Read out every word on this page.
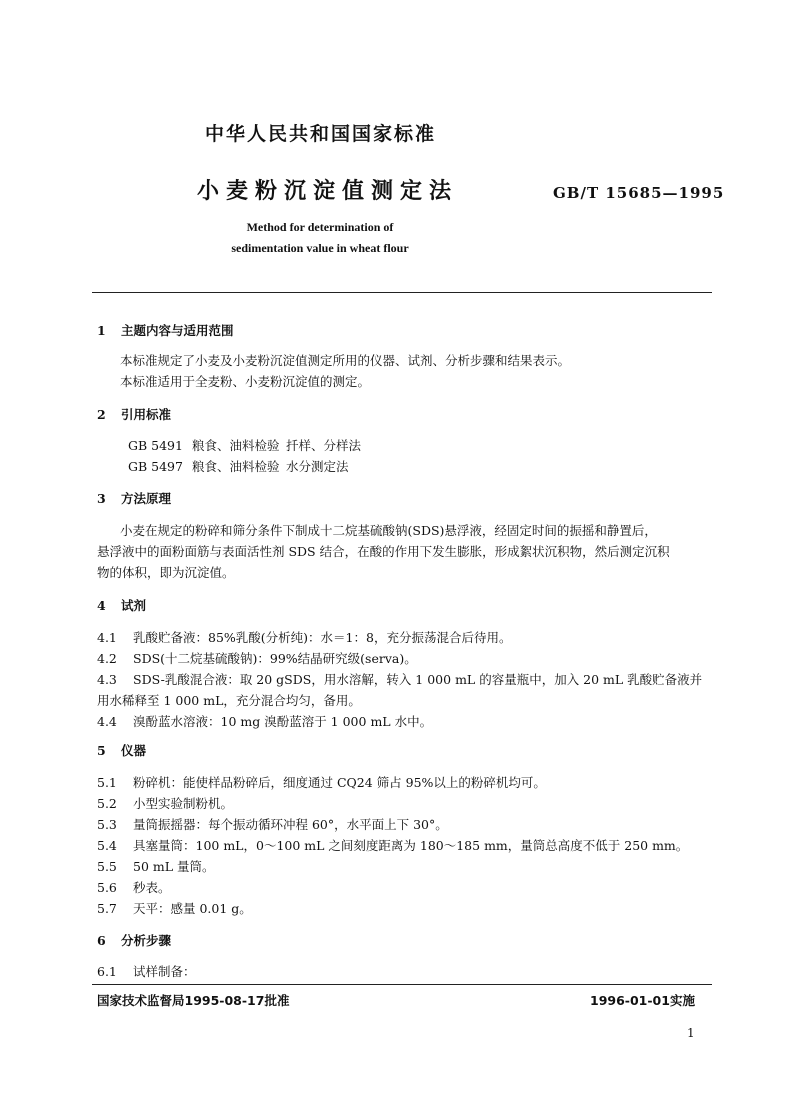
中华人民共和国国家标准
小麦粉沉淀值测定法	GB/T 15685—1995
Method for determination of
sedimentation value in wheat flour
1 主题内容与适用范围
本标准规定了小麦及小麦粉沉淀值测定所用的仪器、试剂、分析步骤和结果表示。
本标准适用于全麦粉、小麦粉沉淀值的测定。
2 引用标准
GB 5491 粮食、油料检验 扦样、分样法
GB 5497 粮食、油料检验 水分测定法
3 方法原理
小麦在规定的粉碎和筛分条件下制成十二烷基硫酸钠(SDS)悬浮液，经固定时间的振摇和静置后，
悬浮液中的面粉面筋与表面活性剂 SDS 结合，在酸的作用下发生膨胀，形成絮状沉积物，然后测定沉积
物的体积，即为沉淀值。
4 试剂
4.1 乳酸贮备液：85%乳酸(分析纯)：水＝1：8，充分振荡混合后待用。
4.2 SDS(十二烷基硫酸钠)：99%结晶研究级(serva)。
4.3 SDS-乳酸混合液：取 20 gSDS，用水溶解，转入 1 000 mL 的容量瓶中，加入 20 mL 乳酸贮备液并
用水稀释至 1 000 mL，充分混合均匀，备用。
4.4 溴酚蓝水溶液：10 mg 溴酚蓝溶于 1 000 mL 水中。
5 仪器
5.1 粉碎机：能使样品粉碎后，细度通过 CQ24 筛占 95%以上的粉碎机均可。
5.2 小型实验制粉机。
5.3 量筒振摇器：每个振动循环冲程 60°，水平面上下 30°。
5.4 具塞量筒：100 mL，0～100 mL 之间刻度距离为 180～185 mm，量筒总高度不低于 250 mm。
5.5 50 mL 量筒。
5.6 秒表。
5.7 天平：感量 0.01 g。
6 分析步骤
6.1 试样制备：
国家技术监督局1995-08-17批准	1996-01-01实施
1
